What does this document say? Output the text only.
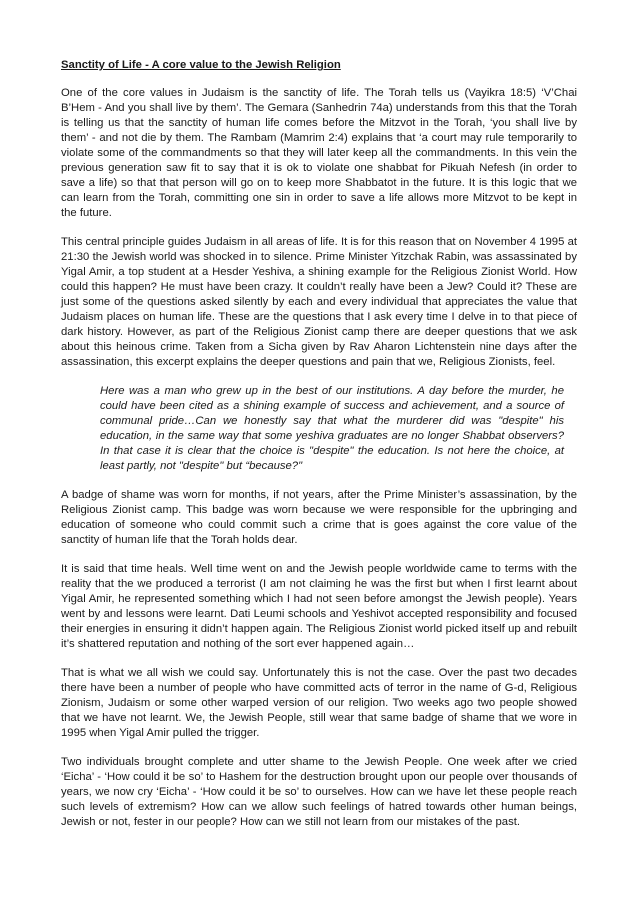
Sanctity of Life - A core value to the Jewish Religion

One of the core values in Judaism is the sanctity of life. The Torah tells us (Vayikra 18:5) ‘V’Chai B’Hem - And you shall live by them’. The Gemara (Sanhedrin 74a) understands from this that the Torah is telling us that the sanctity of human life comes before the Mitzvot in the Torah, ‘you shall live by them’ - and not die by them. The Rambam (Mamrim 2:4) explains that ‘a court may rule temporarily to violate some of the commandments so that they will later keep all the commandments. In this vein the previous generation saw fit to say that it is ok to violate one shabbat for Pikuah Nefesh (in order to save a life) so that that person will go on to keep more Shabbatot in the future. It is this logic that we can learn from the Torah, committing one sin in order to save a life allows more Mitzvot to be kept in the future.

This central principle guides Judaism in all areas of life. It is for this reason that on November 4 1995 at 21:30 the Jewish world was shocked in to silence. Prime Minister Yitzchak Rabin, was assassinated by Yigal Amir, a top student at a Hesder Yeshiva, a shining example for the Religious Zionist World. How could this happen? He must have been crazy. It couldn’t really have been a Jew? Could it? These are just some of the questions asked silently by each and every individual that appreciates the value that Judaism places on human life. These are the questions that I ask every time I delve in to that piece of dark history. However, as part of the Religious Zionist camp there are deeper questions that we ask about this heinous crime. Taken from a Sicha given by Rav Aharon Lichtenstein nine days after the assassination, this excerpt explains the deeper questions and pain that we, Religious Zionists, feel.

Here was a man who grew up in the best of our institutions. A day before the murder, he could have been cited as a shining example of success and achievement, and a source of communal pride…Can we honestly say that what the murderer did was "despite" his education, in the same way that some yeshiva graduates are no longer Shabbat observers? In that case it is clear that the choice is "despite" the education. Is not here the choice, at least partly, not "despite" but “because?"

A badge of shame was worn for months, if not years, after the Prime Minister’s assassination, by the Religious Zionist camp. This badge was worn because we were responsible for the upbringing and education of someone who could commit such a crime that is goes against the core value of the sanctity of human life that the Torah holds dear.

It is said that time heals. Well time went on and the Jewish people worldwide came to terms with the reality that the we produced a terrorist (I am not claiming he was the first but when I first learnt about Yigal Amir, he represented something which I had not seen before amongst the Jewish people). Years went by and lessons were learnt. Dati Leumi schools and Yeshivot accepted responsibility and focused their energies in ensuring it didn’t happen again. The Religious Zionist world picked itself up and rebuilt it’s shattered reputation and nothing of the sort ever happened again…

That is what we all wish we could say. Unfortunately this is not the case. Over the past two decades there have been a number of people who have committed acts of terror in the name of G-d, Religious Zionism, Judaism or some other warped version of our religion. Two weeks ago two people showed that we have not learnt. We, the Jewish People, still wear that same badge of shame that we wore in 1995 when Yigal Amir pulled the trigger.

Two individuals brought complete and utter shame to the Jewish People. One week after we cried ‘Eicha’ - ‘How could it be so’ to Hashem for the destruction brought upon our people over thousands of years, we now cry ‘Eicha’ - ‘How could it be so’ to ourselves. How can we have let these people reach such levels of extremism? How can we allow such feelings of hatred towards other human beings, Jewish or not, fester in our people? How can we still not learn from our mistakes of the past.
